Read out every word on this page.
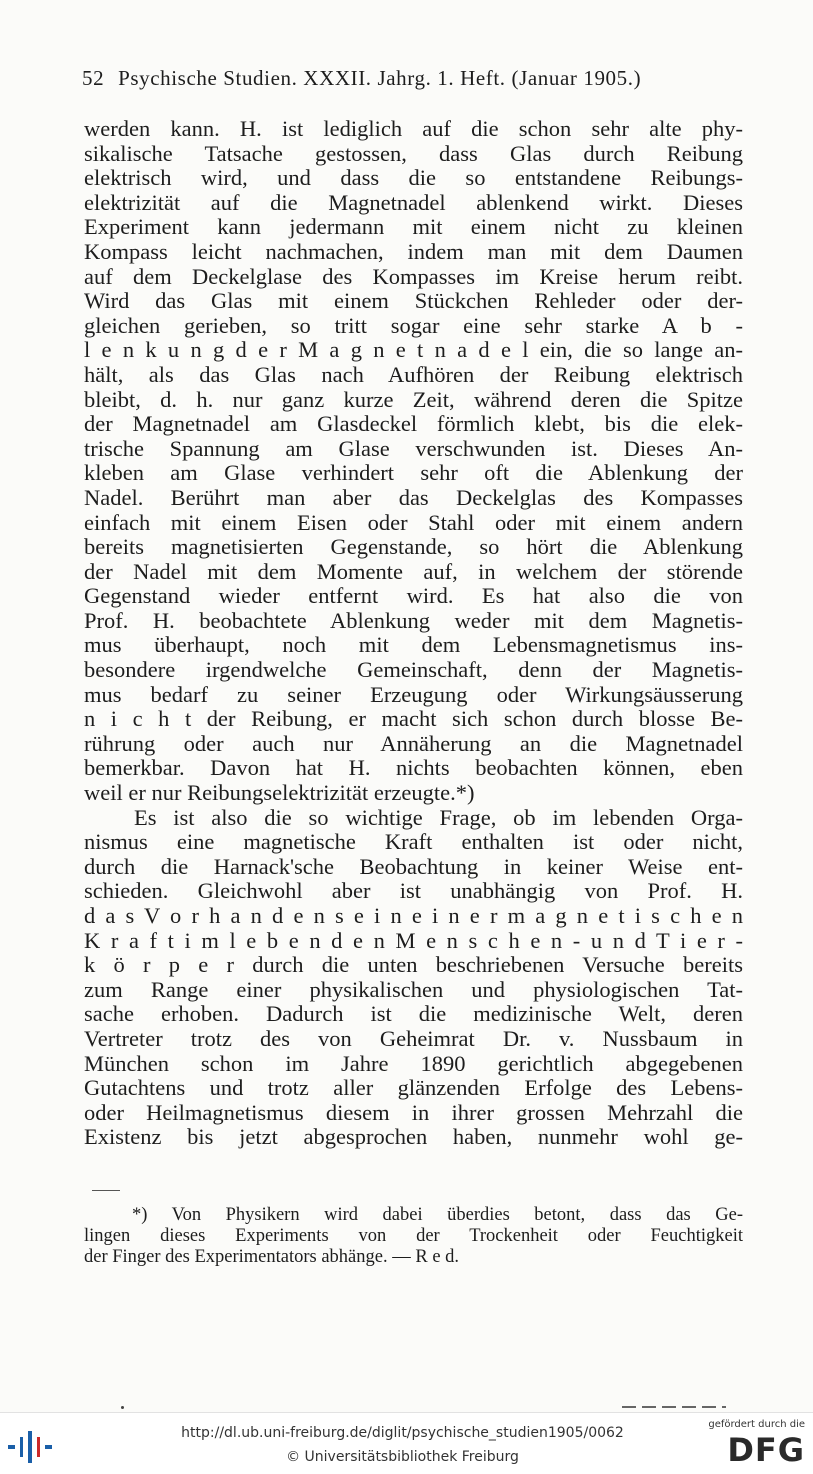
52 Psychische Studien. XXXII. Jahrg. 1. Heft. (Januar 1905.)
werden kann. H. ist lediglich auf die schon sehr alte phy-
sikalische Tatsache gestossen, dass Glas durch Reibung
elektrisch wird, und dass die so entstandene Reibungs-
elektrizität auf die Magnetnadel ablenkend wirkt. Dieses
Experiment kann jedermann mit einem nicht zu kleinen
Kompass leicht nachmachen, indem man mit dem Daumen
auf dem Deckelglase des Kompasses im Kreise herum reibt.
Wird das Glas mit einem Stückchen Rehleder oder der-
gleichen gerieben, so tritt sogar eine sehr starke A b -
l e n k u n g d e r M a g n e t n a d e l ein, die so lange an-
hält, als das Glas nach Aufhören der Reibung elektrisch
bleibt, d. h. nur ganz kurze Zeit, während deren die Spitze
der Magnetnadel am Glasdeckel förmlich klebt, bis die elek-
trische Spannung am Glase verschwunden ist. Dieses An-
kleben am Glase verhindert sehr oft die Ablenkung der
Nadel. Berührt man aber das Deckelglas des Kompasses
einfach mit einem Eisen oder Stahl oder mit einem andern
bereits magnetisierten Gegenstande, so hört die Ablenkung
der Nadel mit dem Momente auf, in welchem der störende
Gegenstand wieder entfernt wird. Es hat also die von
Prof. H. beobachtete Ablenkung weder mit dem Magnetis-
mus überhaupt, noch mit dem Lebensmagnetismus ins-
besondere irgendwelche Gemeinschaft, denn der Magnetis-
mus bedarf zu seiner Erzeugung oder Wirkungsäusserung
n i c h t der Reibung, er macht sich schon durch blosse Be-
rührung oder auch nur Annäherung an die Magnetnadel
bemerkbar. Davon hat H. nichts beobachten können, eben
weil er nur Reibungselektrizität erzeugte.*)
Es ist also die so wichtige Frage, ob im lebenden Orga-
nismus eine magnetische Kraft enthalten ist oder nicht,
durch die Harnack'sche Beobachtung in keiner Weise ent-
schieden. Gleichwohl aber ist unabhängig von Prof. H.
d a s V o r h a n d e n s e i n e i n e r m a g n e t i s c h e n
K r a f t i m l e b e n d e n M e n s c h e n - u n d T i e r -
k ö r p e r durch die unten beschriebenen Versuche bereits
zum Range einer physikalischen und physiologischen Tat-
sache erhoben. Dadurch ist die medizinische Welt, deren
Vertreter trotz des von Geheimrat Dr. v. Nussbaum in
München schon im Jahre 1890 gerichtlich abgegebenen
Gutachtens und trotz aller glänzenden Erfolge des Lebens-
oder Heilmagnetismus diesem in ihrer grossen Mehrzahl die
Existenz bis jetzt abgesprochen haben, nunmehr wohl ge-
*) Von Physikern wird dabei überdies betont, dass das Ge-
lingen dieses Experiments von der Trockenheit oder Feuchtigkeit
der Finger des Experimentators abhänge. — R e d.
http://dl.ub.uni-freiburg.de/diglit/psychische_studien1905/0062
© Universitätsbibliothek Freiburg
gefördert durch die
DFG
